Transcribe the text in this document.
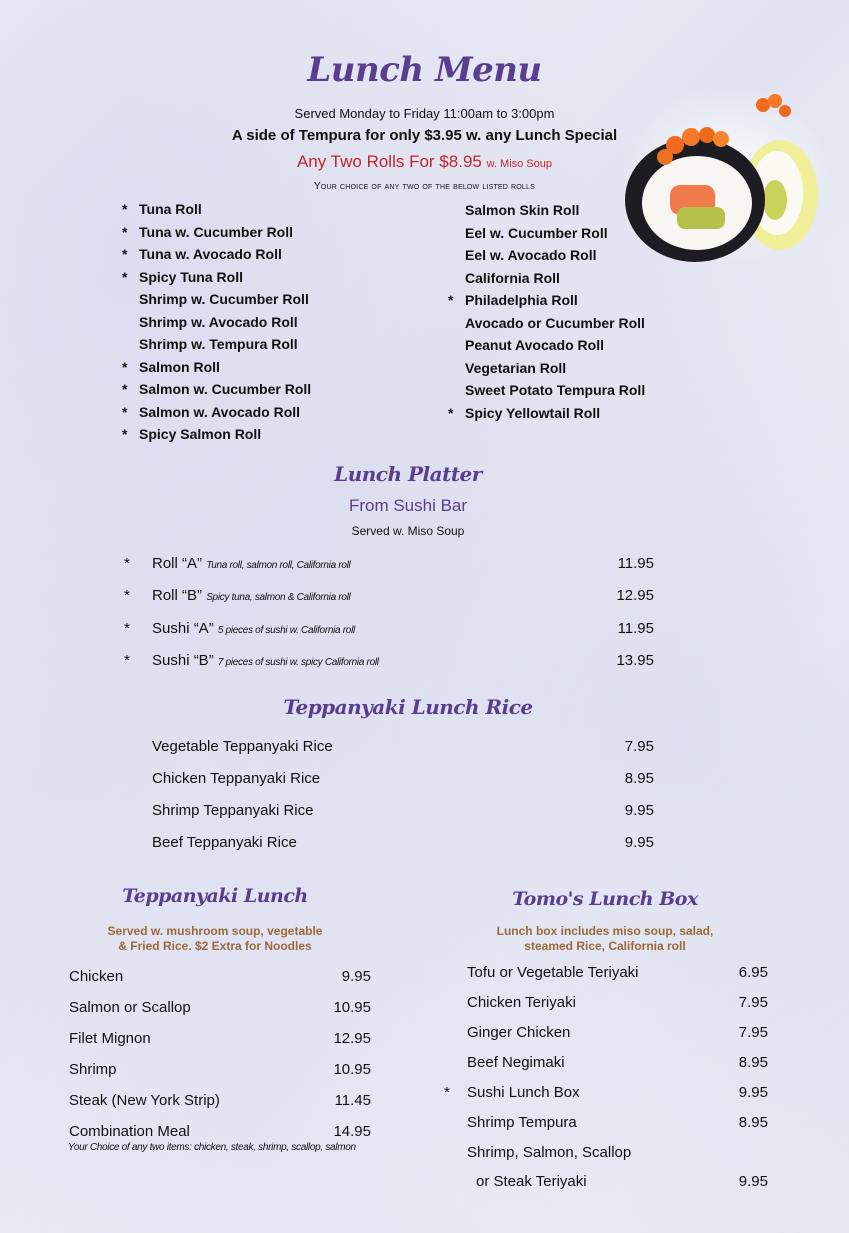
Lunch Menu
Served Monday to Friday 11:00am to 3:00pm
A side of Tempura for only $3.95 w. any Lunch Special
Any Two Rolls For $8.95 w. Miso Soup
Your choice of any two of the below listed rolls
* Tuna Roll
* Tuna w. Cucumber Roll
* Tuna w. Avocado Roll
* Spicy Tuna Roll
Shrimp w. Cucumber Roll
Shrimp w. Avocado Roll
Shrimp w. Tempura Roll
* Salmon Roll
* Salmon w. Cucumber Roll
* Salmon w. Avocado Roll
* Spicy Salmon Roll
Salmon Skin Roll
Eel w. Cucumber Roll
Eel w. Avocado Roll
California Roll
* Philadelphia Roll
Avocado or Cucumber Roll
Peanut Avocado Roll
Vegetarian Roll
Sweet Potato Tempura Roll
* Spicy Yellowtail Roll
Lunch Platter
From Sushi Bar
Served w. Miso Soup
* Roll “A” Tuna roll, salmon roll, California roll	11.95
* Roll “B” Spicy tuna, salmon & California roll	12.95
* Sushi “A” 5 pieces of sushi w. California roll	11.95
* Sushi “B” 7 pieces of sushi w. spicy California roll	13.95
Teppanyaki Lunch Rice
Vegetable Teppanyaki Rice	7.95
Chicken Teppanyaki Rice	8.95
Shrimp Teppanyaki Rice	9.95
Beef Teppanyaki Rice	9.95
Teppanyaki Lunch
Served w. mushroom soup, vegetable
& Fried Rice. $2 Extra for Noodles
Chicken	9.95
Salmon or Scallop	10.95
Filet Mignon	12.95
Shrimp	10.95
Steak (New York Strip)	11.45
Combination Meal	14.95
Your Choice of any two items: chicken, steak, shrimp, scallop, salmon
Tomo's Lunch Box
Lunch box includes miso soup, salad,
steamed Rice, California roll
Tofu or Vegetable Teriyaki	6.95
Chicken Teriyaki	7.95
Ginger Chicken	7.95
Beef Negimaki	8.95
* Sushi Lunch Box	9.95
Shrimp Tempura	8.95
Shrimp, Salmon, Scallop
or Steak Teriyaki	9.95
